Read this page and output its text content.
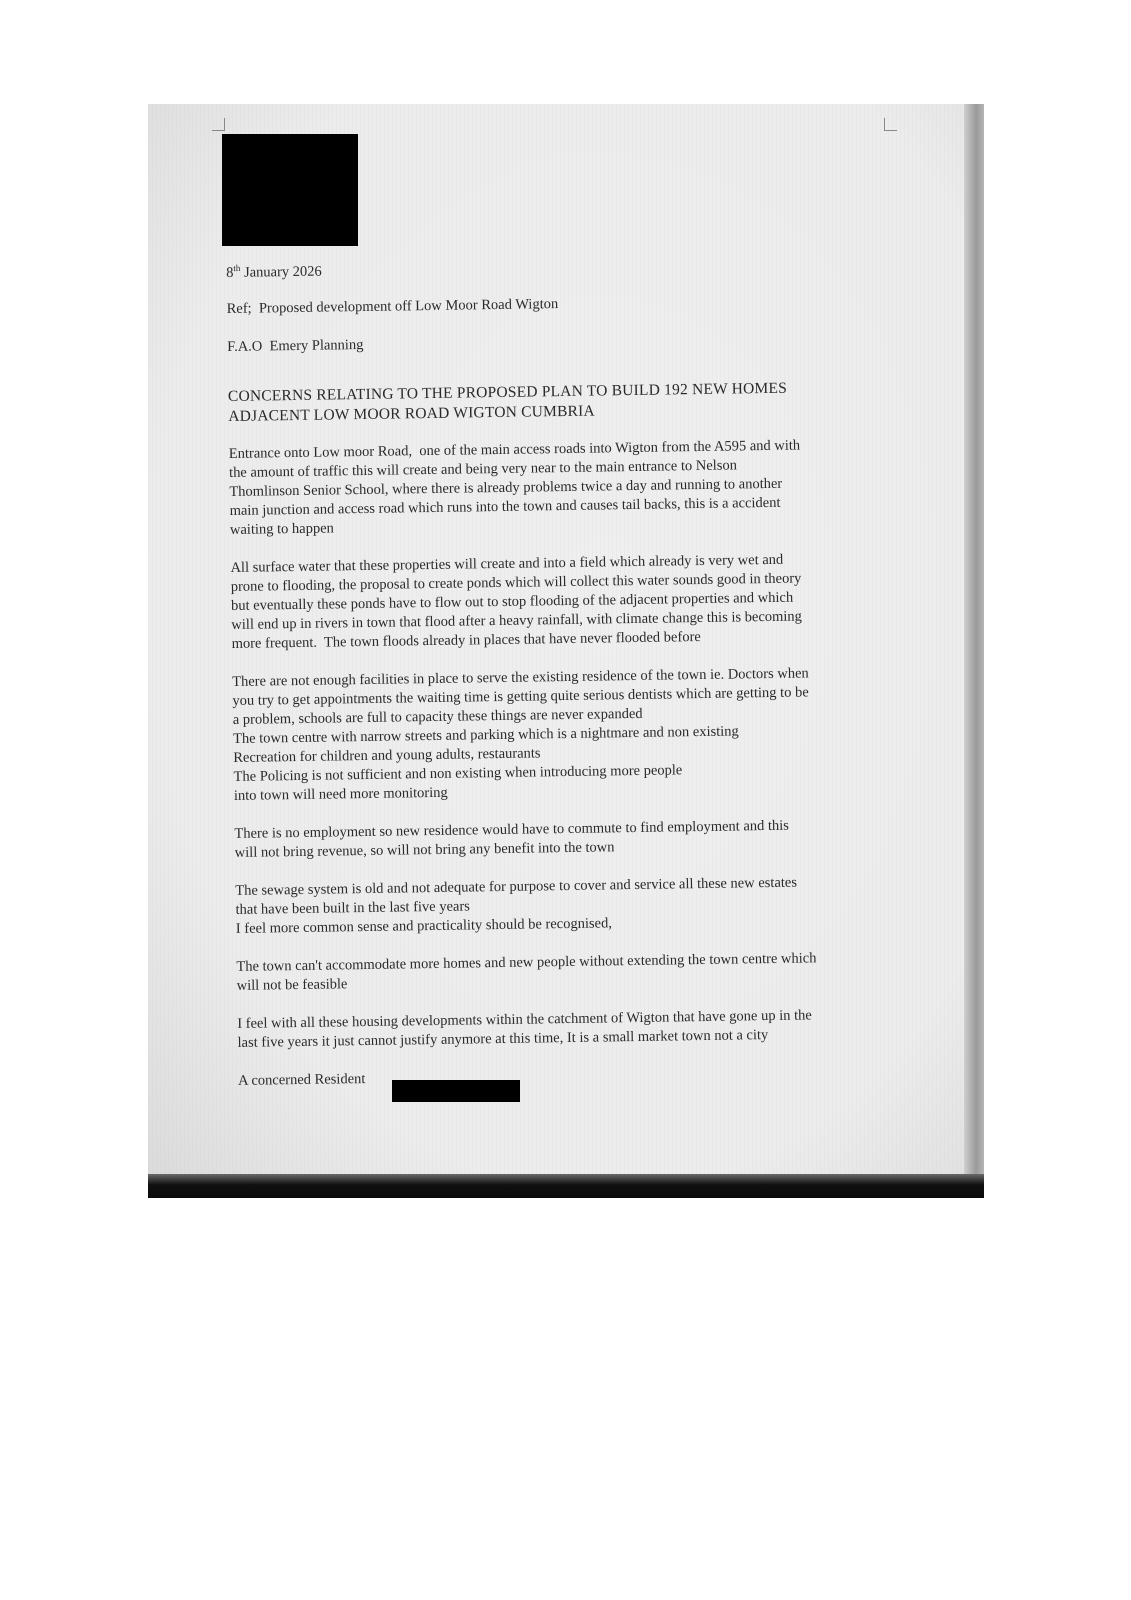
8th January 2026

Ref;  Proposed development off Low Moor Road Wigton

F.A.O  Emery Planning

CONCERNS RELATING TO THE PROPOSED PLAN TO BUILD 192 NEW HOMES

ADJACENT LOW MOOR ROAD WIGTON CUMBRIA

Entrance onto Low moor Road,  one of the main access roads into Wigton from the A595 and with

the amount of traffic this will create and being very near to the main entrance to Nelson

Thomlinson Senior School, where there is already problems twice a day and running to another

main junction and access road which runs into the town and causes tail backs, this is a accident

waiting to happen

All surface water that these properties will create and into a field which already is very wet and

prone to flooding, the proposal to create ponds which will collect this water sounds good in theory

but eventually these ponds have to flow out to stop flooding of the adjacent properties and which

will end up in rivers in town that flood after a heavy rainfall, with climate change this is becoming

more frequent.  The town floods already in places that have never flooded before

There are not enough facilities in place to serve the existing residence of the town ie. Doctors when

you try to get appointments the waiting time is getting quite serious dentists which are getting to be

a problem, schools are full to capacity these things are never expanded

The town centre with narrow streets and parking which is a nightmare and non existing

Recreation for children and young adults, restaurants

The Policing is not sufficient and non existing when introducing more people

into town will need more monitoring

There is no employment so new residence would have to commute to find employment and this

will not bring revenue, so will not bring any benefit into the town

The sewage system is old and not adequate for purpose to cover and service all these new estates

that have been built in the last five years

I feel more common sense and practicality should be recognised,

The town can't accommodate more homes and new people without extending the town centre which

will not be feasible

I feel with all these housing developments within the catchment of Wigton that have gone up in the

last five years it just cannot justify anymore at this time, It is a small market town not a city

A concerned Resident
